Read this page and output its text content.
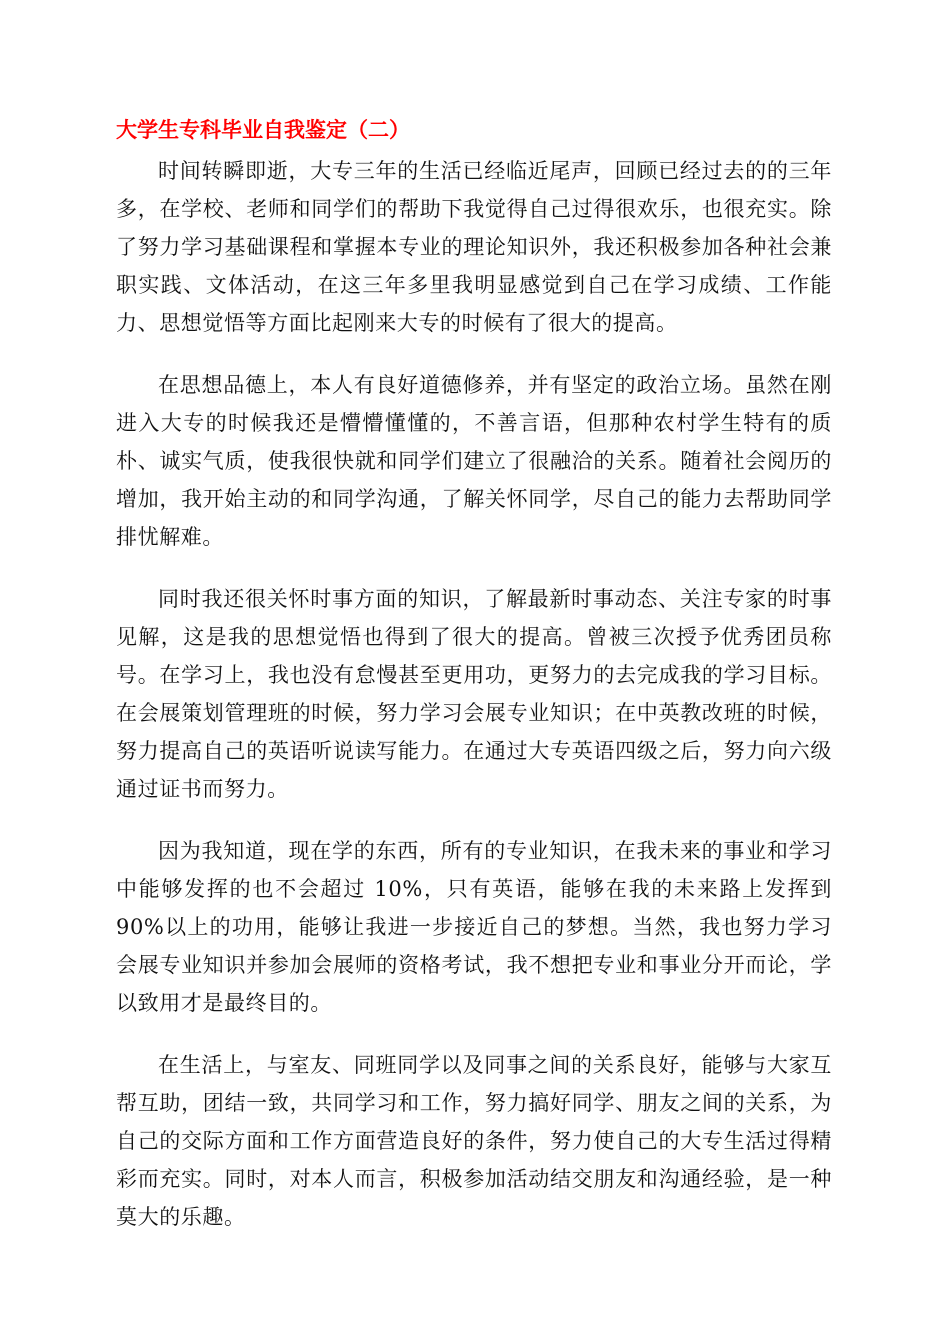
大学生专科毕业自我鉴定（二）

时间转瞬即逝，大专三年的生活已经临近尾声，回顾已经过去的的三年多，在学校、老师和同学们的帮助下我觉得自己过得很欢乐，也很充实。除了努力学习基础课程和掌握本专业的理论知识外，我还积极参加各种社会兼职实践、文体活动，在这三年多里我明显感觉到自己在学习成绩、工作能力、思想觉悟等方面比起刚来大专的时候有了很大的提高。

在思想品德上，本人有良好道德修养，并有坚定的政治立场。虽然在刚进入大专的时候我还是懵懵懂懂的，不善言语，但那种农村学生特有的质朴、诚实气质，使我很快就和同学们建立了很融洽的关系。随着社会阅历的增加，我开始主动的和同学沟通，了解关怀同学，尽自己的能力去帮助同学排忧解难。

同时我还很关怀时事方面的知识，了解最新时事动态、关注专家的时事见解，这是我的思想觉悟也得到了很大的提高。曾被三次授予优秀团员称号。在学习上，我也没有怠慢甚至更用功，更努力的去完成我的学习目标。在会展策划管理班的时候，努力学习会展专业知识；在中英教改班的时候，努力提高自己的英语听说读写能力。在通过大专英语四级之后，努力向六级通过证书而努力。

因为我知道，现在学的东西，所有的专业知识，在我未来的事业和学习中能够发挥的也不会超过 10%，只有英语，能够在我的未来路上发挥到 90%以上的功用，能够让我进一步接近自己的梦想。当然，我也努力学习会展专业知识并参加会展师的资格考试，我不想把专业和事业分开而论，学以致用才是最终目的。

在生活上，与室友、同班同学以及同事之间的关系良好，能够与大家互帮互助，团结一致，共同学习和工作，努力搞好同学、朋友之间的关系，为自己的交际方面和工作方面营造良好的条件，努力使自己的大专生活过得精彩而充实。同时，对本人而言，积极参加活动结交朋友和沟通经验，是一种莫大的乐趣。
